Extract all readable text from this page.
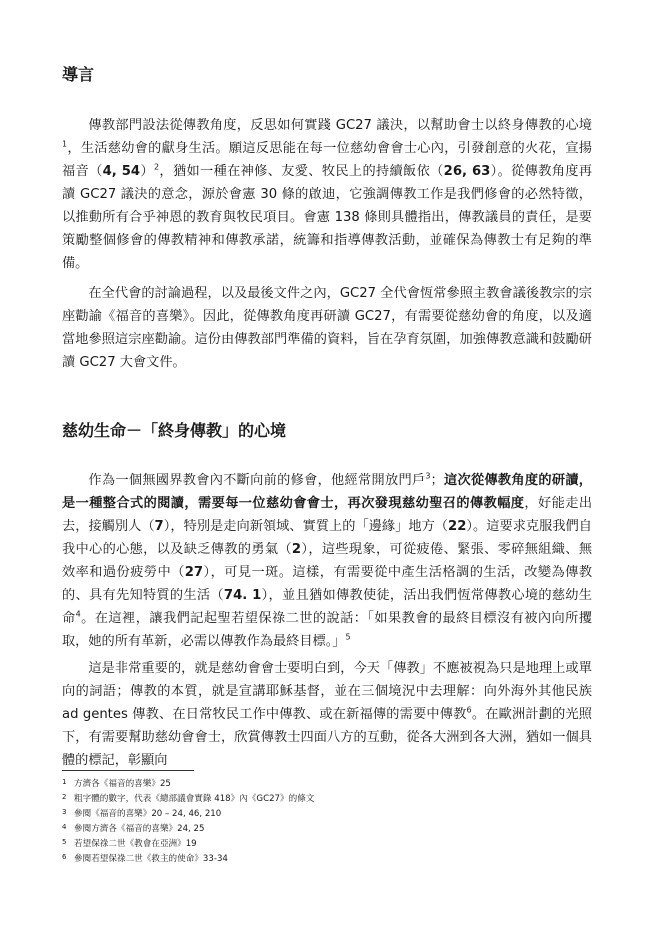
導言

傳教部門設法從傳教角度，反思如何實踐 GC27 議決，以幫助會士以終身傳教的心境$^1$，生活慈幼會的獻身生活。願這反思能在每一位慈幼會會士心內，引發創意的火花，宣揚福音（4, 54）$^2$，猶如一種在神修、友愛、牧民上的持續飯依（26, 63）。從傳教角度再讀 GC27 議決的意念，源於會憲 30 條的啟迪，它強調傳教工作是我們修會的必然特徵，以推動所有合乎神恩的教育與牧民項目。會憲 138 條則具體指出，傳教議員的責任，是要策勵整個修會的傳教精神和傳教承諾，統籌和指導傳教活動，並確保為傳教士有足夠的準備。

在全代會的討論過程，以及最後文件之內，GC27 全代會恆常參照主教會議後教宗的宗座勸諭《福音的喜樂》。因此，從傳教角度再研讀 GC27，有需要從慈幼會的角度，以及適當地參照這宗座勸諭。這份由傳教部門準備的資料，旨在孕育氛圍，加強傳教意識和鼓勵研讀 GC27 大會文件。

慈幼生命－「終身傳教」的心境

作為一個無國界教會內不斷向前的修會，他經常開放門戶$^3$；這次從傳教角度的研讀，是一種整合式的閱讀，需要每一位慈幼會會士，再次發現慈幼聖召的傳教幅度，好能走出去，接觸別人（7），特別是走向新領域、實質上的「邊緣」地方（22）。這要求克服我們自我中心的心態，以及缺乏傳教的勇氣（2），這些現象，可從疲倦、緊張、零碎無組織、無效率和過份疲勞中（27），可見一斑。這樣，有需要從中產生活格調的生活，改變為傳教的、具有先知特質的生活（74. 1），並且猶如傳教使徒，活出我們恆常傳教心境的慈幼生命$^4$。在這裡，讓我們記起聖若望保祿二世的說話：「如果教會的最終目標沒有被內向所攫取，她的所有革新，必需以傳教作為最終目標。」$^5$

這是非常重要的，就是慈幼會會士要明白到，今天「傳教」不應被視為只是地理上或單向的詞語；傳教的本質，就是宣講耶穌基督，並在三個境況中去理解：向外海外其他民族 ad gentes 傳教、在日常牧民工作中傳教、或在新福傳的需要中傳教$^6$。在歐洲計劃的光照下，有需要幫助慈幼會會士，欣賞傳教士四面八方的互動，從各大洲到各大洲，猶如一個具體的標記，彰顯向

1 方濟各《福音的喜樂》25
2 粗字體的數字，代表《總部議會實錄 418》內《GC27》的條文
3 參閱《福音的喜樂》20 – 24, 46, 210
4 參閱方濟各《福音的喜樂》24, 25
5 若望保祿二世《教會在亞洲》19
6 參閱若望保祿二世《救主的使命》33-34
